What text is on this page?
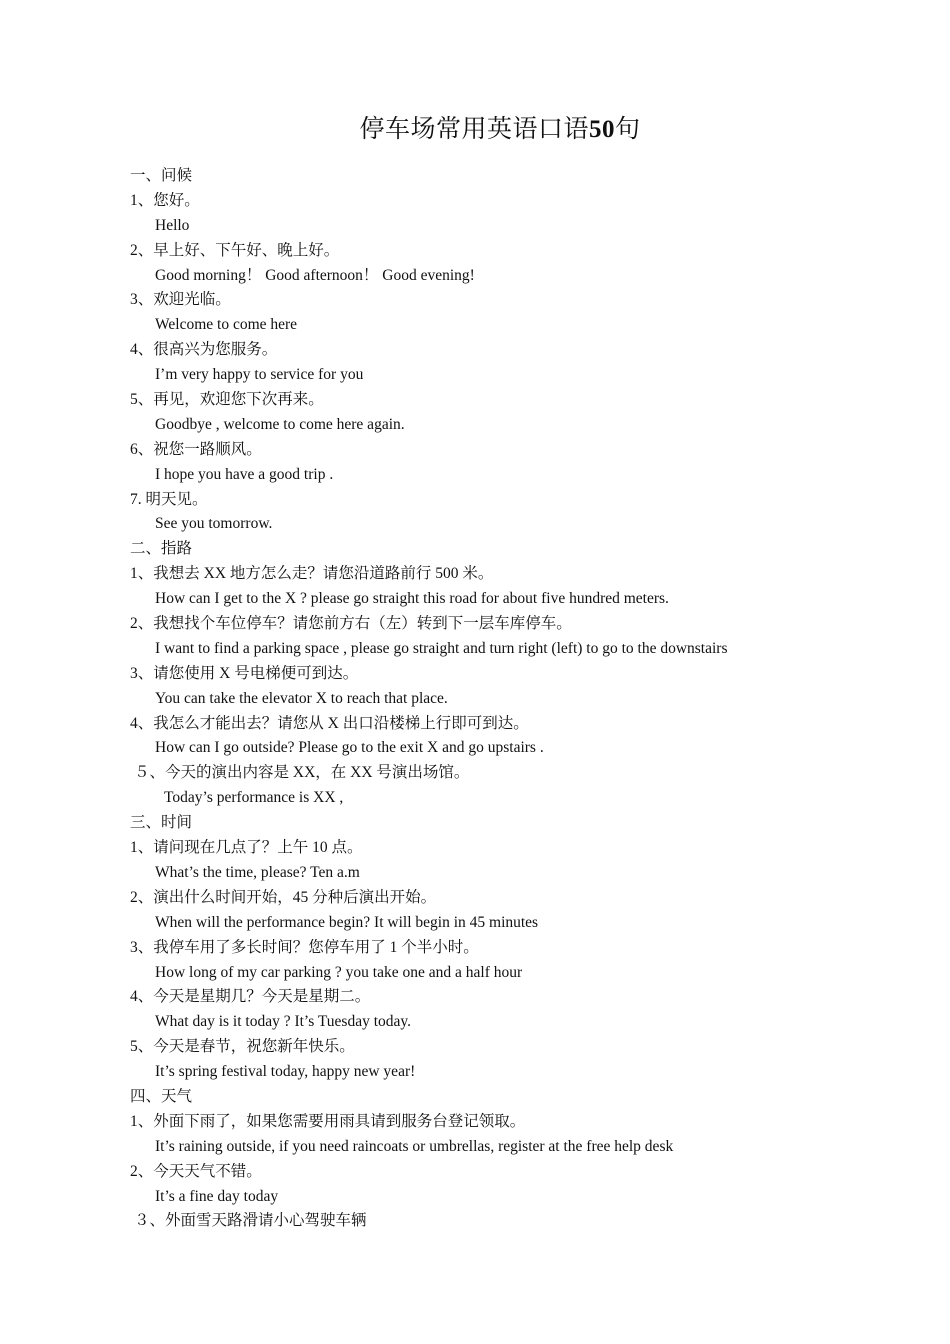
停车场常用英语口语50句
一、问候
1、您好。
Hello
2、早上好、下午好、晚上好。
Good morning！ Good afternoon！ Good evening!
3、欢迎光临。
Welcome to come here
4、很高兴为您服务。
I’m very happy to service for you
5、再见，欢迎您下次再来。
Goodbye , welcome to come here again.
6、祝您一路顺风。
I hope you have a good trip .
7. 明天见。
See you tomorrow.
二、指路
1、我想去 XX 地方怎么走？请您沿道路前行 500 米。
How can I get to the X ? please go straight this road for about five hundred meters.
2、我想找个车位停车？请您前方右（左）转到下一层车库停车。
I want to find a parking space , please go straight and turn right (left) to go to the downstairs
3、请您使用 X 号电梯便可到达。
You can take the elevator X to reach that place.
4、我怎么才能出去？请您从 X 出口沿楼梯上行即可到达。
How can I go outside? Please go to the exit X and go upstairs .
５、今天的演出内容是 XX，在 XX 号演出场馆。
Today’s performance is XX ,
三、时间
1、请问现在几点了？上午 10 点。
What’s the time, please? Ten a.m
2、演出什么时间开始，45 分种后演出开始。
When will the performance begin? It will begin in 45 minutes
3、我停车用了多长时间？您停车用了 1 个半小时。
How long of my car parking ? you take one and a half hour
4、今天是星期几？今天是星期二。
What day is it today ? It’s Tuesday today.
5、今天是春节，祝您新年快乐。
It’s spring festival today, happy new year!
四、天气
1、外面下雨了，如果您需要用雨具请到服务台登记领取。
It’s raining outside, if you need raincoats or umbrellas, register at the free help desk
2、今天天气不错。
It’s a fine day today
３、外面雪天路滑请小心驾驶车辆
